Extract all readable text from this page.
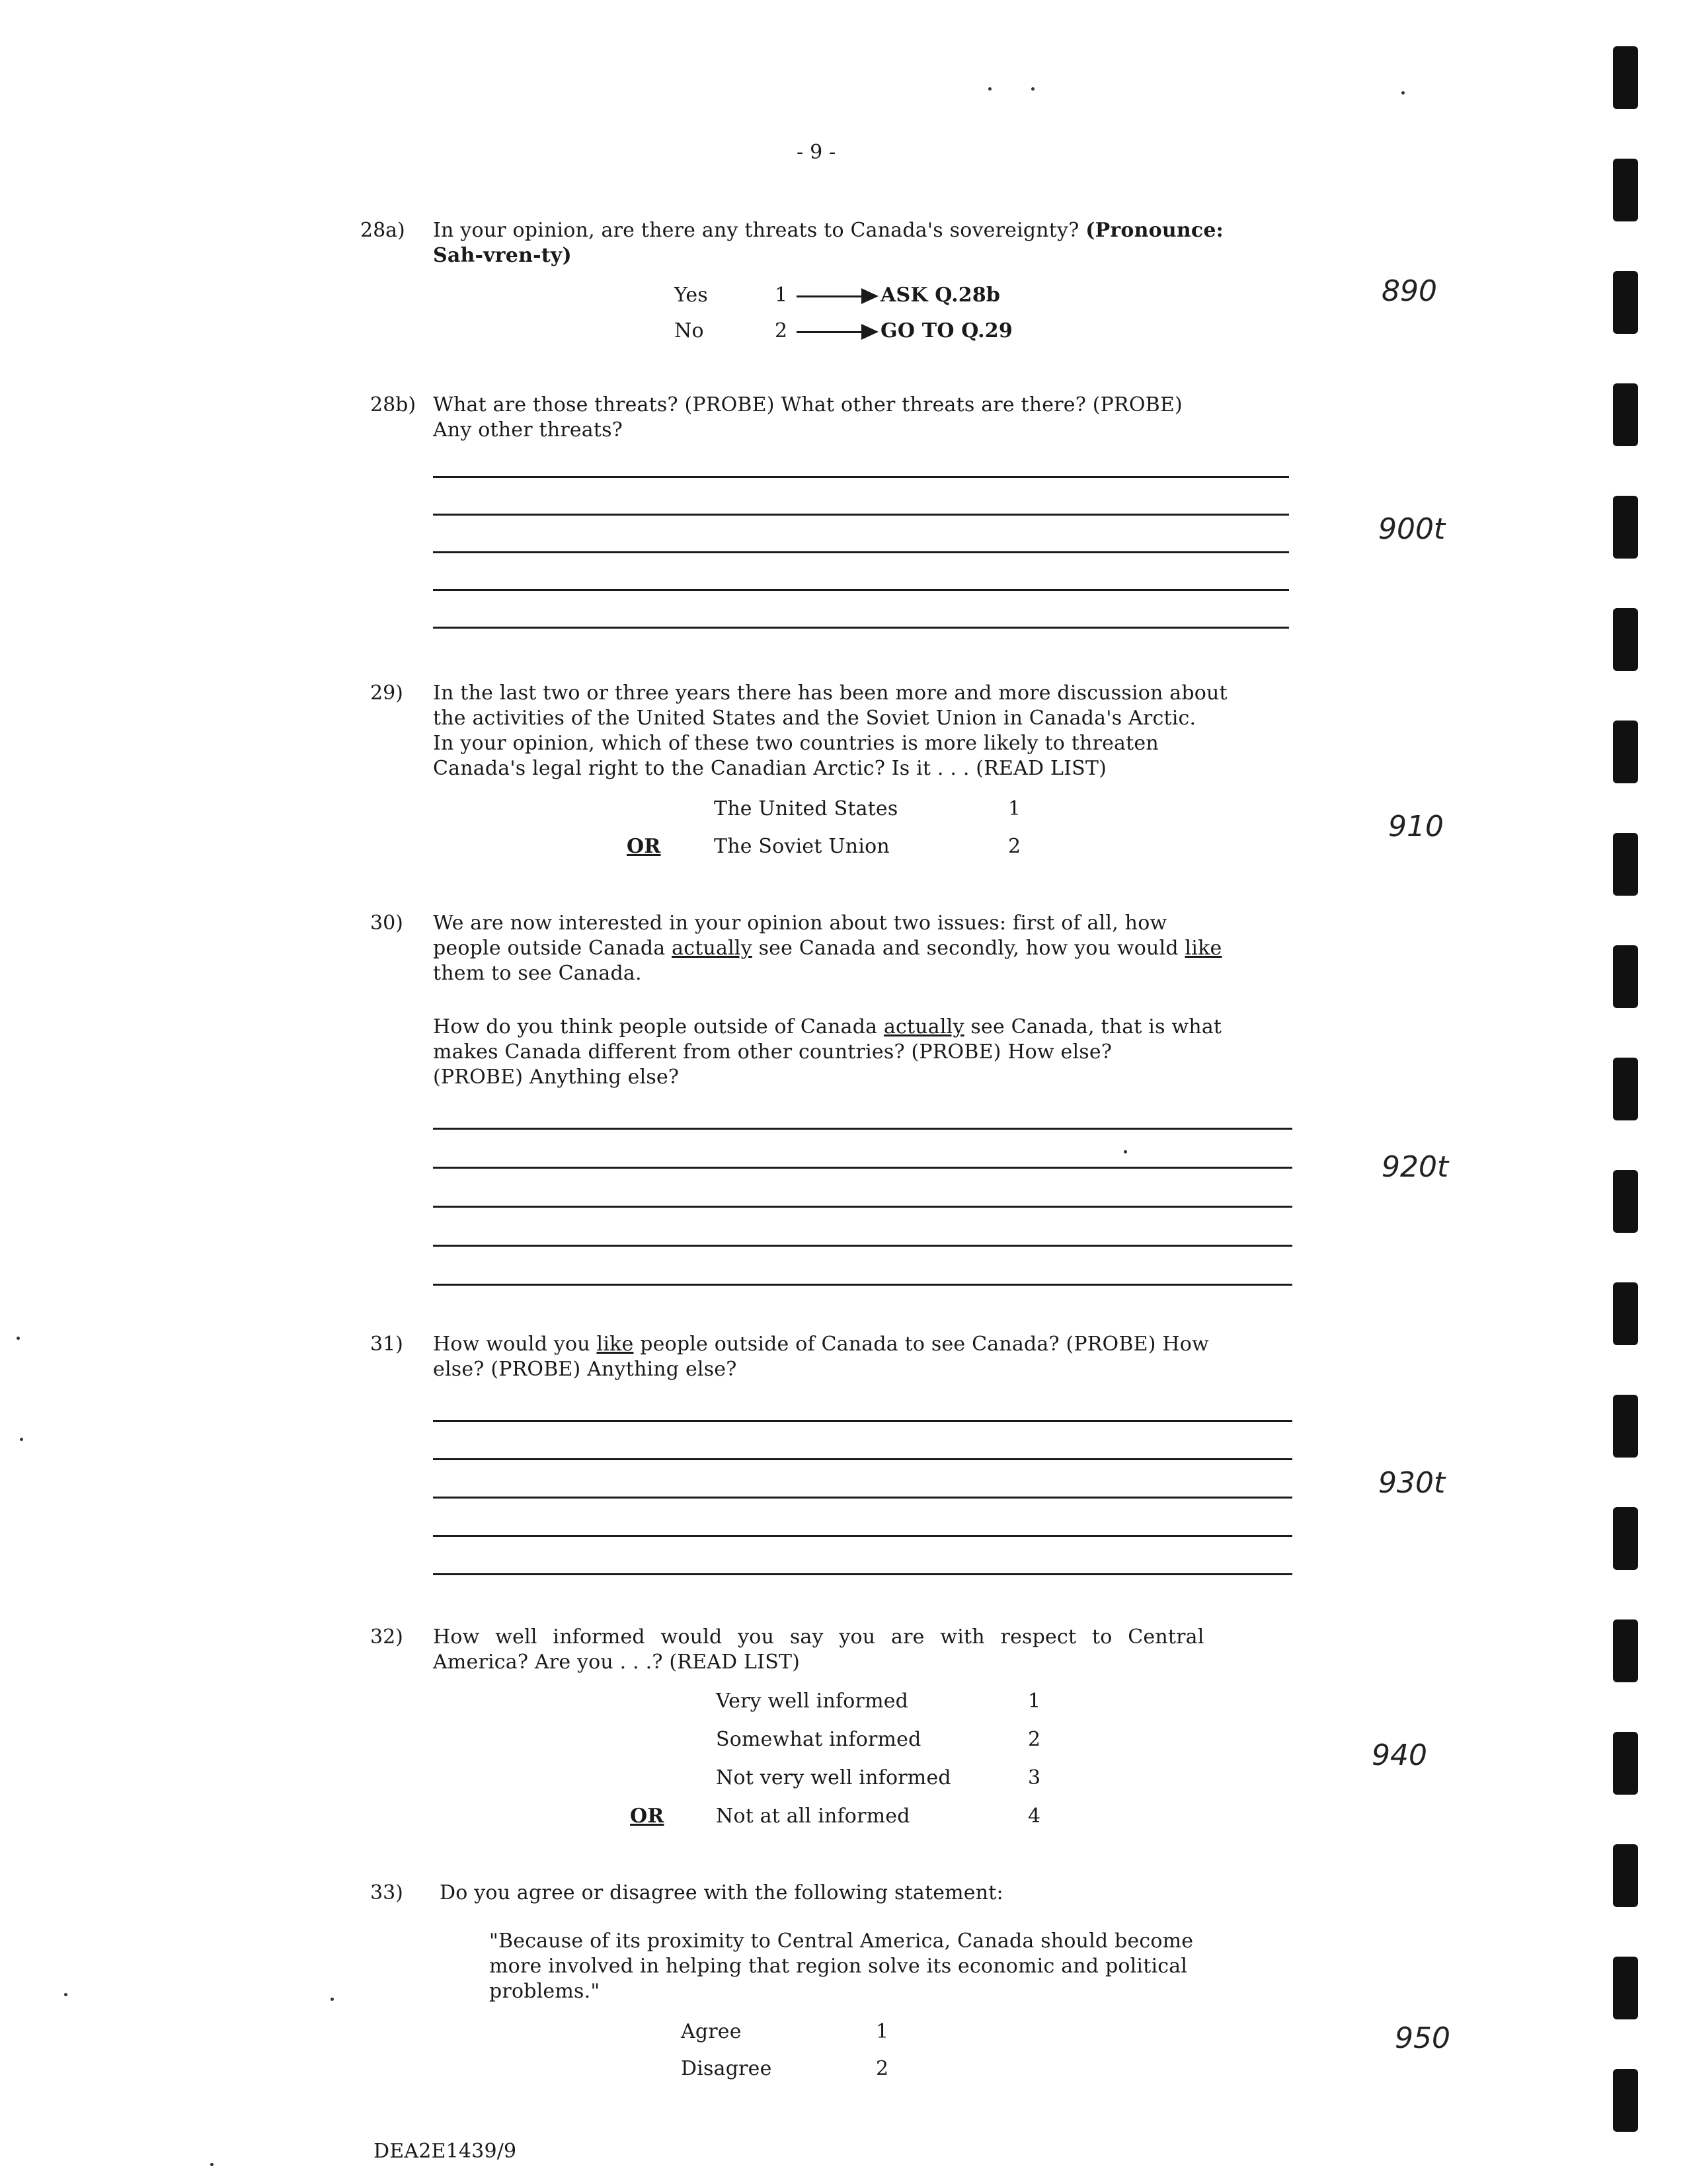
- 9 -
28a) In your opinion, are there any threats to Canada's sovereignty? (Pronounce:
Sah-vren-ty)
Yes	1	ASK Q.28b
No	2	GO TO Q.29
890
28b) What are those threats? (PROBE) What other threats are there? (PROBE)
Any other threats?
900t
29) In the last two or three years there has been more and more discussion about
the activities of the United States and the Soviet Union in Canada's Arctic.
In your opinion, which of these two countries is more likely to threaten
Canada's legal right to the Canadian Arctic? Is it . . . (READ LIST)
The United States	1
OR	The Soviet Union	2
910
30) We are now interested in your opinion about two issues: first of all, how
people outside Canada actually see Canada and secondly, how you would like
them to see Canada.
How do you think people outside of Canada actually see Canada, that is what
makes Canada different from other countries? (PROBE) How else?
(PROBE) Anything else?
920t
31) How would you like people outside of Canada to see Canada? (PROBE) How
else? (PROBE) Anything else?
930t
32) How well informed would you say you are with respect to Central
America? Are you . . .? (READ LIST)
Very well informed	1
Somewhat informed	2
Not very well informed	3
OR	Not at all informed	4
940
33) Do you agree or disagree with the following statement:
"Because of its proximity to Central America, Canada should become
more involved in helping that region solve its economic and political
problems."
Agree	1
Disagree	2
950
DEA2E1439/9
